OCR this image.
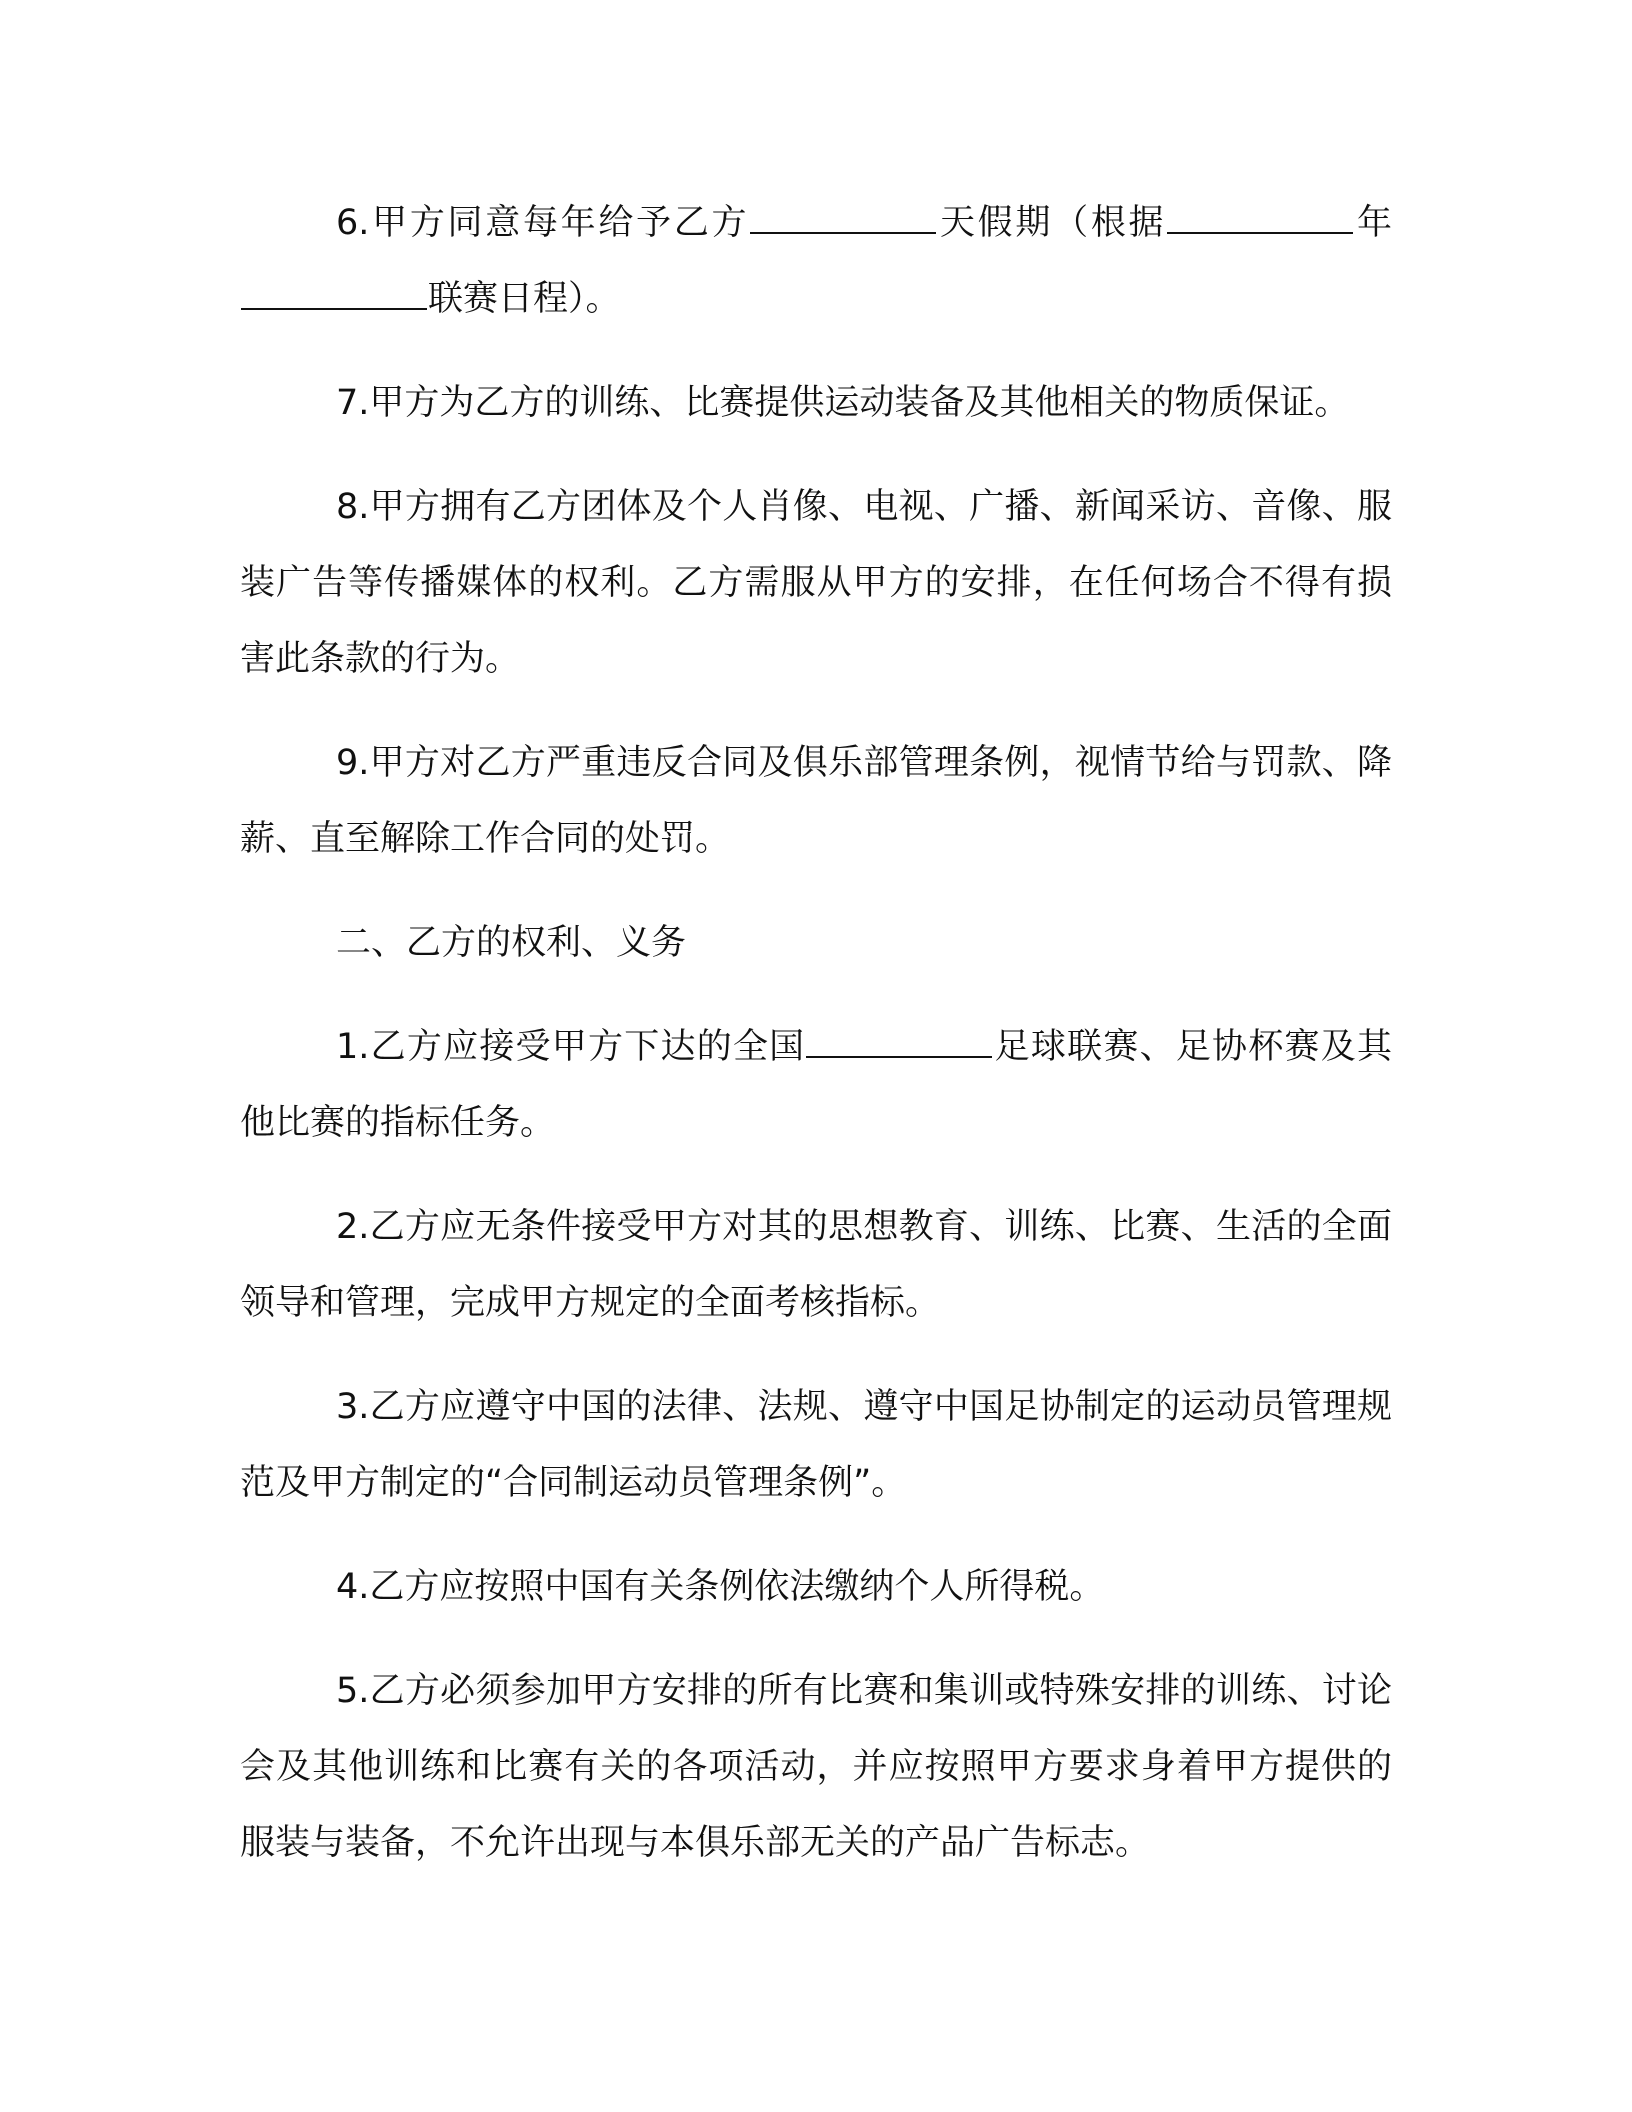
6.甲方同意每年给予乙方	天假期（根据	年联赛日程）。

7.甲方为乙方的训练、比赛提供运动装备及其他相关的物质保证。

8.甲方拥有乙方团体及个人肖像、电视、广播、新闻采访、音像、服装广告等传播媒体的权利。乙方需服从甲方的安排，在任何场合不得有损害此条款的行为。

9.甲方对乙方严重违反合同及俱乐部管理条例，视情节给与罚款、降薪、直至解除工作合同的处罚。

二、乙方的权利、义务

1.乙方应接受甲方下达的全国	足球联赛、足协杯赛及其他比赛的指标任务。

2.乙方应无条件接受甲方对其的思想教育、训练、比赛、生活的全面领导和管理，完成甲方规定的全面考核指标。

3.乙方应遵守中国的法律、法规、遵守中国足协制定的运动员管理规范及甲方制定的“合同制运动员管理条例”。

4.乙方应按照中国有关条例依法缴纳个人所得税。

5.乙方必须参加甲方安排的所有比赛和集训或特殊安排的训练、讨论会及其他训练和比赛有关的各项活动，并应按照甲方要求身着甲方提供的服装与装备，不允许出现与本俱乐部无关的产品广告标志。
